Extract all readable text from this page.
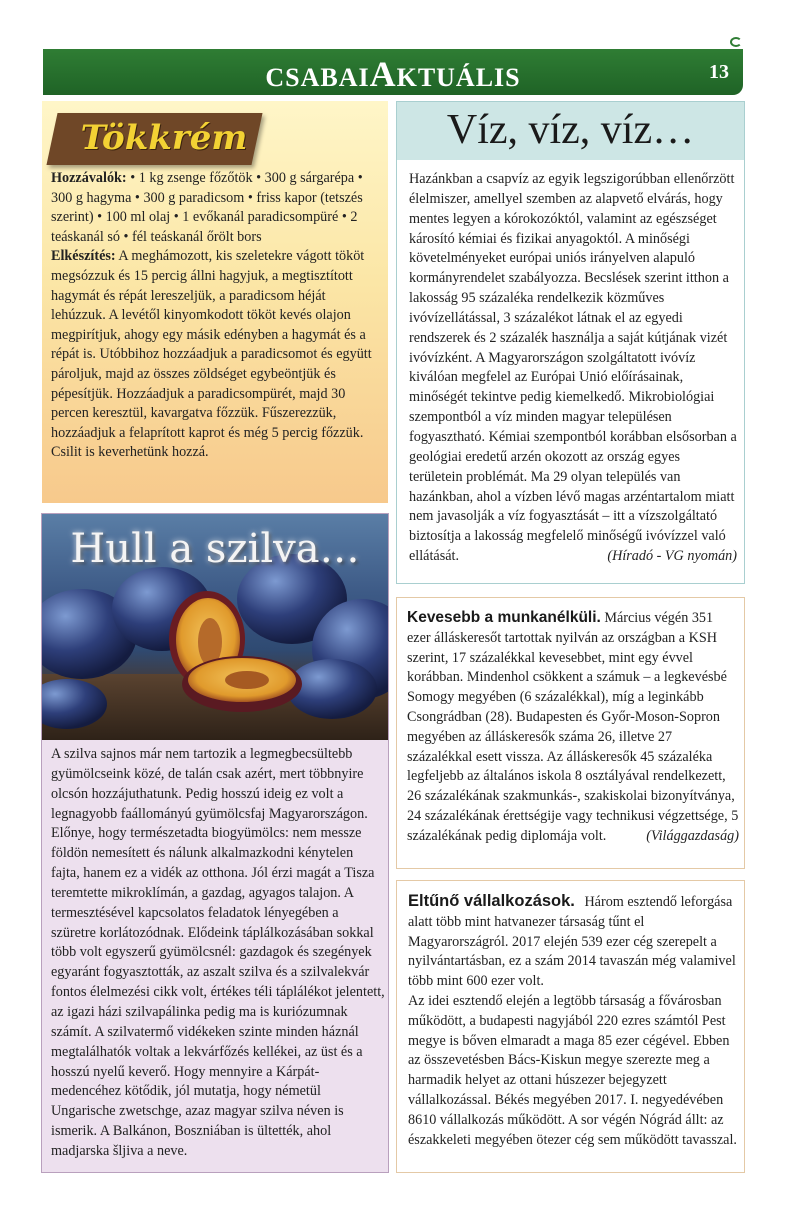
CSABAIAKTUÁLIS	13
Tökkrém
Hozzávalók: • 1 kg zsenge főzőtök • 300 g sárgarépa • 300 g hagyma • 300 g paradicsom • friss kapor (tetszés szerint) • 100 ml olaj • 1 evőkanál paradicsompüré • 2 teáskanál só • fél teáskanál őrölt bors
Elkészítés: A meghámozott, kis szeletekre vágott tököt megsózzuk és 15 percig állni hagyjuk, a megtisztított hagymát és répát lereszeljük, a paradicsom héját lehúzzuk. A levétől kinyomkodott tököt kevés olajon megpirítjuk, ahogy egy másik edényben a hagymát és a répát is. Utóbbihoz hozzáadjuk a paradicsomot és együtt pároljuk, majd az összes zöldséget egybeöntjük és pépesítjük. Hozzáadjuk a paradicsompürét, majd 30 percen keresztül, kavargatva főzzük. Fűszerezzük, hozzáadjuk a felaprított kaprot és még 5 percig főzzük. Csilit is keverhetünk hozzá.
Víz, víz, víz…
Hazánkban a csapvíz az egyik legszigorúbban ellenőrzött élelmiszer, amellyel szemben az alapvető elvárás, hogy mentes legyen a kórokozóktól, valamint az egészséget károsító kémiai és fizikai anyagoktól. A minőségi követelményeket európai uniós irányelven alapuló kormányrendelet szabályozza. Becslések szerint itthon a lakosság 95 százaléka rendelkezik közműves ivóvízellátással, 3 százalékot látnak el az egyedi rendszerek és 2 százalék használja a saját kútjának vizét ivóvízként. A Magyarországon szolgáltatott ivóvíz kiválóan megfelel az Európai Unió előírásainak, minőségét tekintve pedig kiemelkedő. Mikrobiológiai szempontból a víz minden magyar településen fogyasztható. Kémiai szempontból korábban elsősorban a geológiai eredetű arzén okozott az ország egyes területein problémát. Ma 29 olyan település van hazánkban, ahol a vízben lévő magas arzéntartalom miatt nem javasolják a víz fogyasztását – itt a vízszolgáltató biztosítja a lakosság megfelelő minőségű ivóvízzel való ellátását.	(Híradó - VG nyomán)
Hull a szilva…
A szilva sajnos már nem tartozik a legmegbecsültebb gyümölcseink közé, de talán csak azért, mert többnyire olcsón hozzájuthatunk. Pedig hosszú ideig ez volt a legnagyobb faállományú gyümölcsfaj Magyarországon. Előnye, hogy természetadta biogyümölcs: nem messze földön nemesített és nálunk alkalmazkodni kénytelen fajta, hanem ez a vidék az otthona. Jól érzi magát a Tisza teremtette mikroklímán, a gazdag, agyagos talajon. A termesztésével kapcsolatos feladatok lényegében a szüretre korlátozódnak. Elődeink táplálkozásában sokkal több volt egyszerű gyümölcsnél: gazdagok és szegények egyaránt fogyasztották, az aszalt szilva és a szilvalekvár fontos élelmezési cikk volt, értékes téli táplálékot jelentett, az igazi házi szilvapálinka pedig ma is kuriózumnak számít. A szilvatermő vidékeken szinte minden háznál megtalálhatók voltak a lekvárfőzés kellékei, az üst és a hosszú nyelű keverő. Hogy mennyire a Kárpát-medencéhez kötődik, jól mutatja, hogy németül Ungarische zwetschge, azaz magyar szilva néven is ismerik. A Balkánon, Boszniában is ültették, ahol madjarska šljiva a neve.
Kevesebb a munkanélküli. Március végén 351 ezer álláskeresőt tartottak nyilván az országban a KSH szerint, 17 százalékkal kevesebbet, mint egy évvel korábban. Mindenhol csökkent a számuk – a legkevésbé Somogy megyében (6 százalékkal), míg a leginkább Csongrádban (28). Budapesten és Győr-Moson-Sopron megyében az álláskeresők száma 26, illetve 27 százalékkal esett vissza. Az álláskeresők 45 százaléka legfeljebb az általános iskola 8 osztályával rendelkezett, 26 százalékának szakmunkás-, szakiskolai bizonyítványa, 24 százalékának érettségije vagy technikusi végzettsége, 5 százalékának pedig diplomája volt.	(Világgazdaság)
Eltűnő vállalkozások. Három esztendő leforgása alatt több mint hatvanezer társaság tűnt el Magyarországról. 2017 elején 539 ezer cég szerepelt a nyilvántartásban, ez a szám 2014 tavaszán még valamivel több mint 600 ezer volt.
Az idei esztendő elején a legtöbb társaság a fővárosban működött, a budapesti nagyjából 220 ezres számtól Pest megye is bőven elmaradt a maga 85 ezer cégével. Ebben az összevetésben Bács-Kiskun megye szerezte meg a harmadik helyet az ottani húszezer bejegyzett vállalkozással. Békés megyében 2017. I. negyedévében 8610 vállalkozás működött. A sor végén Nógrád állt: az északkeleti megyében ötezer cég sem működött tavasszal.
